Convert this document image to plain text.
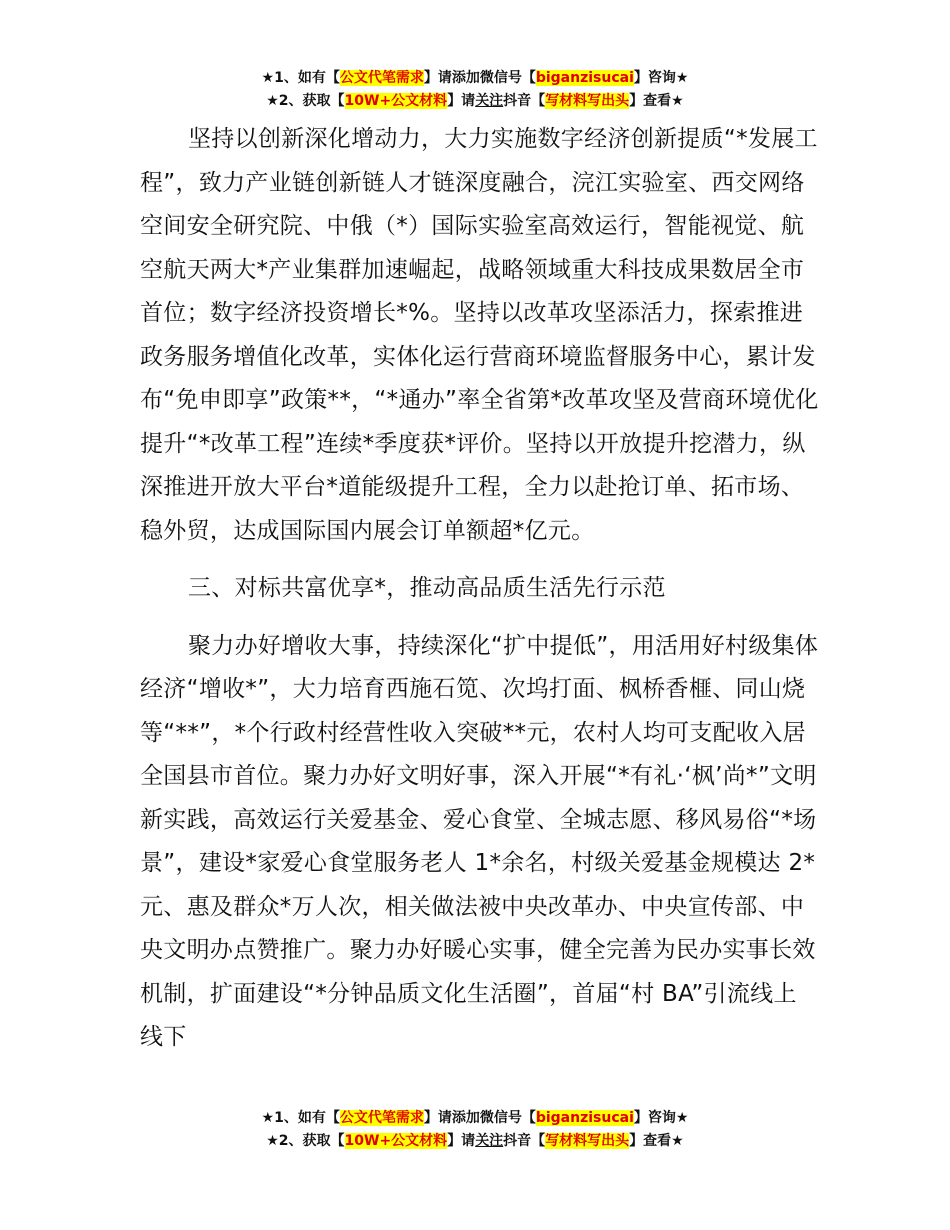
★1、如有【公文代笔需求】请添加微信号【biganzisucai】咨询★
★2、获取【10W+公文材料】请关注抖音【写材料写出头】查看★

坚持以创新深化增动力，大力实施数字经济创新提质“*发展工程”，致力产业链创新链人才链深度融合，浣江实验室、西交网络空间安全研究院、中俄（*）国际实验室高效运行，智能视觉、航空航天两大*产业集群加速崛起，战略领域重大科技成果数居全市首位；数字经济投资增长*%。坚持以改革攻坚添活力，探索推进政务服务增值化改革，实体化运行营商环境监督服务中心，累计发布“免申即享”政策**，“*通办”率全省第*改革攻坚及营商环境优化提升“*改革工程”连续*季度获*评价。坚持以开放提升挖潜力，纵深推进开放大平台*道能级提升工程，全力以赴抢订单、拓市场、稳外贸，达成国际国内展会订单额超*亿元。

三、对标共富优享*，推动高品质生活先行示范

聚力办好增收大事，持续深化“扩中提低”，用活用好村级集体经济“增收*”，大力培育西施石笕、次坞打面、枫桥香榧、同山烧等“**”，*个行政村经营性收入突破**元，农村人均可支配收入居全国县市首位。聚力办好文明好事，深入开展“*有礼·‘枫’尚*”文明新实践，高效运行关爱基金、爱心食堂、全城志愿、移风易俗“*场景”，建设*家爱心食堂服务老人 1*余名，村级关爱基金规模达 2*元、惠及群众*万人次，相关做法被中央改革办、中央宣传部、中央文明办点赞推广。聚力办好暖心实事，健全完善为民办实事长效机制，扩面建设“*分钟品质文化生活圈”，首届“村 BA”引流线上线下

★1、如有【公文代笔需求】请添加微信号【biganzisucai】咨询★
★2、获取【10W+公文材料】请关注抖音【写材料写出头】查看★
